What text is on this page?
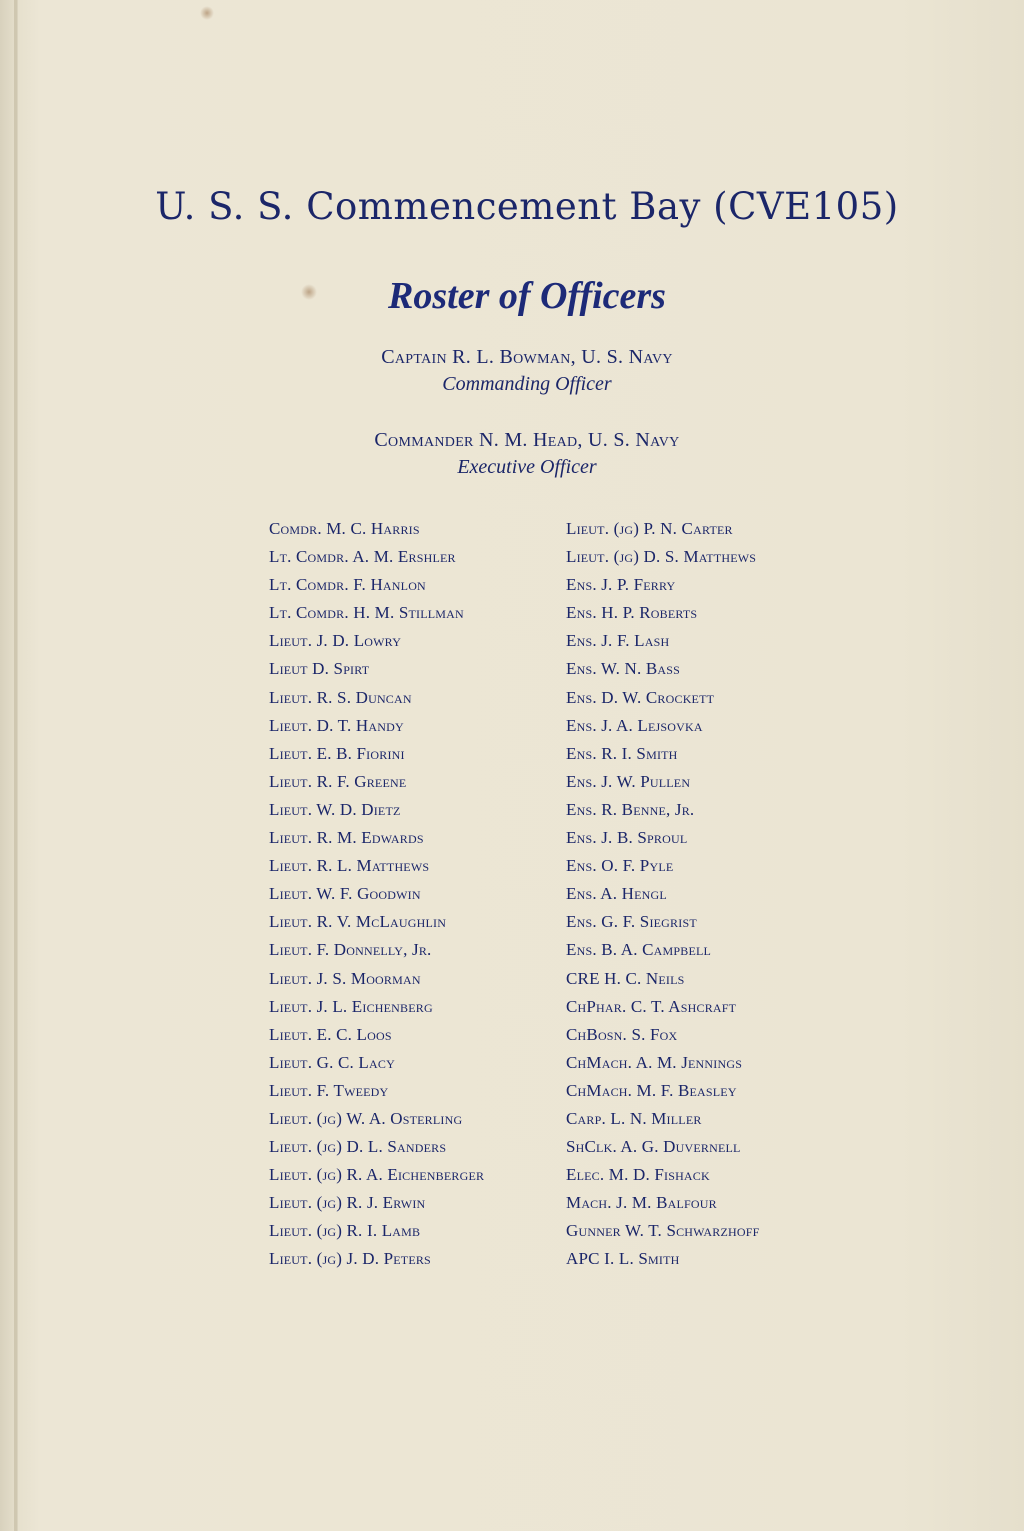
U. S. S. Commencement Bay (CVE105)
Roster of Officers
Captain R. L. Bowman, U. S. Navy
Commanding Officer
Commander N. M. Head, U. S. Navy
Executive Officer
Comdr. M. C. Harris
Lt. Comdr. A. M. Ershler
Lt. Comdr. F. Hanlon
Lt. Comdr. H. M. Stillman
Lieut. J. D. Lowry
Lieut D. Spirt
Lieut. R. S. Duncan
Lieut. D. T. Handy
Lieut. E. B. Fiorini
Lieut. R. F. Greene
Lieut. W. D. Dietz
Lieut. R. M. Edwards
Lieut. R. L. Matthews
Lieut. W. F. Goodwin
Lieut. R. V. McLaughlin
Lieut. F. Donnelly, Jr.
Lieut. J. S. Moorman
Lieut. J. L. Eichenberg
Lieut. E. C. Loos
Lieut. G. C. Lacy
Lieut. F. Tweedy
Lieut. (jg) W. A. Osterling
Lieut. (jg) D. L. Sanders
Lieut. (jg) R. A. Eichenberger
Lieut. (jg) R. J. Erwin
Lieut. (jg) R. I. Lamb
Lieut. (jg) J. D. Peters
Lieut. (jg) P. N. Carter
Lieut. (jg) D. S. Matthews
Ens. J. P. Ferry
Ens. H. P. Roberts
Ens. J. F. Lash
Ens. W. N. Bass
Ens. D. W. Crockett
Ens. J. A. Lejsovka
Ens. R. I. Smith
Ens. J. W. Pullen
Ens. R. Benne, Jr.
Ens. J. B. Sproul
Ens. O. F. Pyle
Ens. A. Hengl
Ens. G. F. Siegrist
Ens. B. A. Campbell
CRE H. C. Neils
ChPhar. C. T. Ashcraft
ChBosn. S. Fox
ChMach. A. M. Jennings
ChMach. M. F. Beasley
Carp. L. N. Miller
ShClk. A. G. Duvernell
Elec. M. D. Fishack
Mach. J. M. Balfour
Gunner W. T. Schwarzhoff
APC I. L. Smith
